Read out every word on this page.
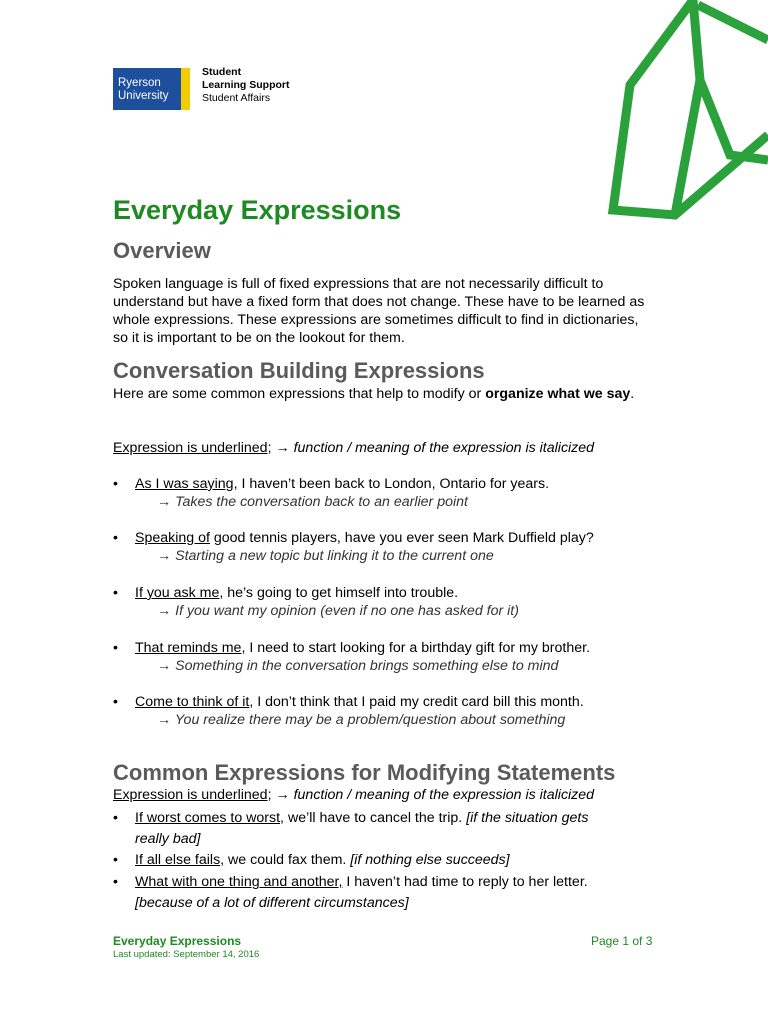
Ryerson
University
Student
Learning Support
Student Affairs
Everyday Expressions
Overview

Spoken language is full of fixed expressions that are not necessarily difficult to understand but have a fixed form that does not change. These have to be learned as whole expressions. These expressions are sometimes difficult to find in dictionaries, so it is important to be on the lookout for them.

Conversation Building Expressions

Here are some common expressions that help to modify or organize what we say.

Expression is underlined; → function / meaning of the expression is italicized

• As I was saying, I haven’t been back to London, Ontario for years.
→ Takes the conversation back to an earlier point
• Speaking of good tennis players, have you ever seen Mark Duffield play?
→ Starting a new topic but linking it to the current one
• If you ask me, he’s going to get himself into trouble.
→ If you want my opinion (even if no one has asked for it)
• That reminds me, I need to start looking for a birthday gift for my brother.
→ Something in the conversation brings something else to mind
• Come to think of it, I don’t think that I paid my credit card bill this month.
→ You realize there may be a problem/question about something
Common Expressions for Modifying Statements

Expression is underlined; → function / meaning of the expression is italicized

• If worst comes to worst, we’ll have to cancel the trip. [if the situation gets really bad]
• If all else fails, we could fax them. [if nothing else succeeds]
• What with one thing and another, I haven’t had time to reply to her letter. [because of a lot of different circumstances]
Everyday Expressions
Last updated: September 14, 2016
Page 1 of 3
